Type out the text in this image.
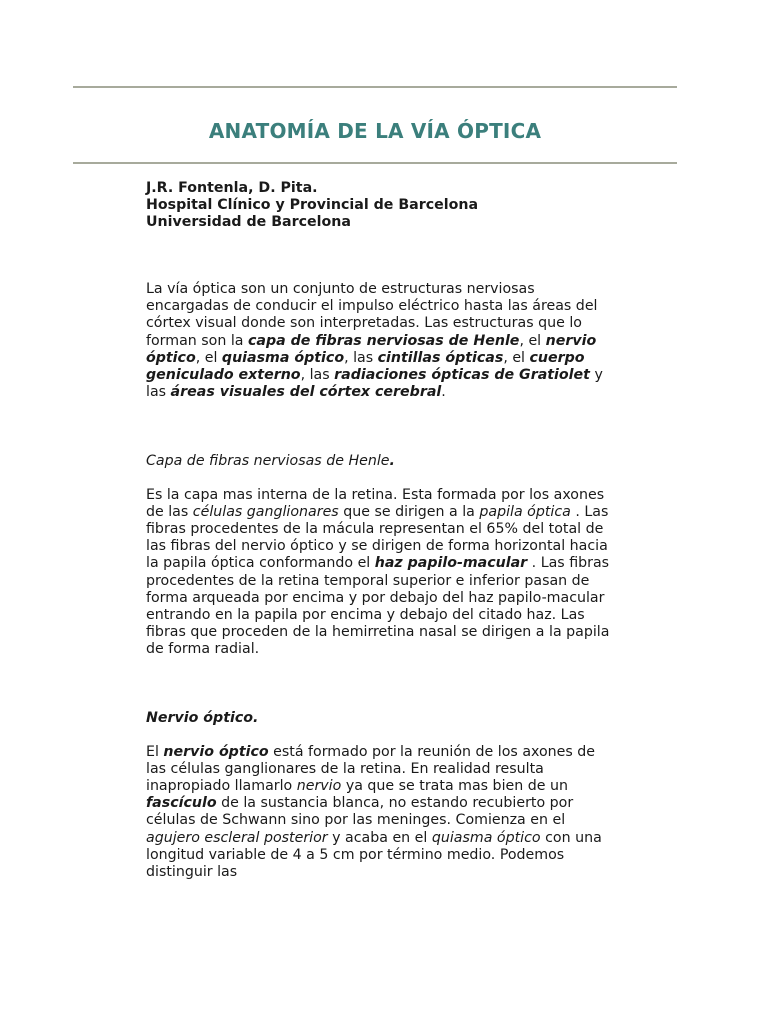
ANATOMÍA DE LA VÍA ÓPTICA
J.R. Fontenla, D. Pita.
Hospital Clínico y Provincial de Barcelona
Universidad de Barcelona

La vía óptica son un conjunto de estructuras nerviosas encargadas de conducir el impulso eléctrico hasta las áreas del córtex visual donde son interpretadas. Las estructuras que lo forman son la capa de fibras nerviosas de Henle, el nervio óptico, el quiasma óptico, las cintillas ópticas, el cuerpo geniculado externo, las radiaciones ópticas de Gratiolet y las áreas visuales del córtex cerebral.

Capa de fibras nerviosas de Henle.

Es la capa mas interna de la retina. Esta formada por los axones de las células ganglionares que se dirigen a la papila óptica . Las fibras procedentes de la mácula representan el 65% del total de las fibras del nervio óptico y se dirigen de forma horizontal hacia la papila óptica conformando el haz papilo-macular . Las fibras procedentes de la retina temporal superior e inferior pasan de forma arqueada por encima y por debajo del haz papilo-macular entrando en la papila por encima y debajo del citado haz. Las fibras que proceden de la hemirretina nasal se dirigen a la papila de forma radial.

Nervio óptico.

El nervio óptico está formado por la reunión de los axones de las células ganglionares de la retina. En realidad resulta inapropiado llamarlo nervio ya que se trata mas bien de un fascículo de la sustancia blanca, no estando recubierto por células de Schwann sino por las meninges. Comienza en el agujero escleral posterior y acaba en el quiasma óptico con una longitud variable de 4 a 5 cm por término medio. Podemos distinguir las
